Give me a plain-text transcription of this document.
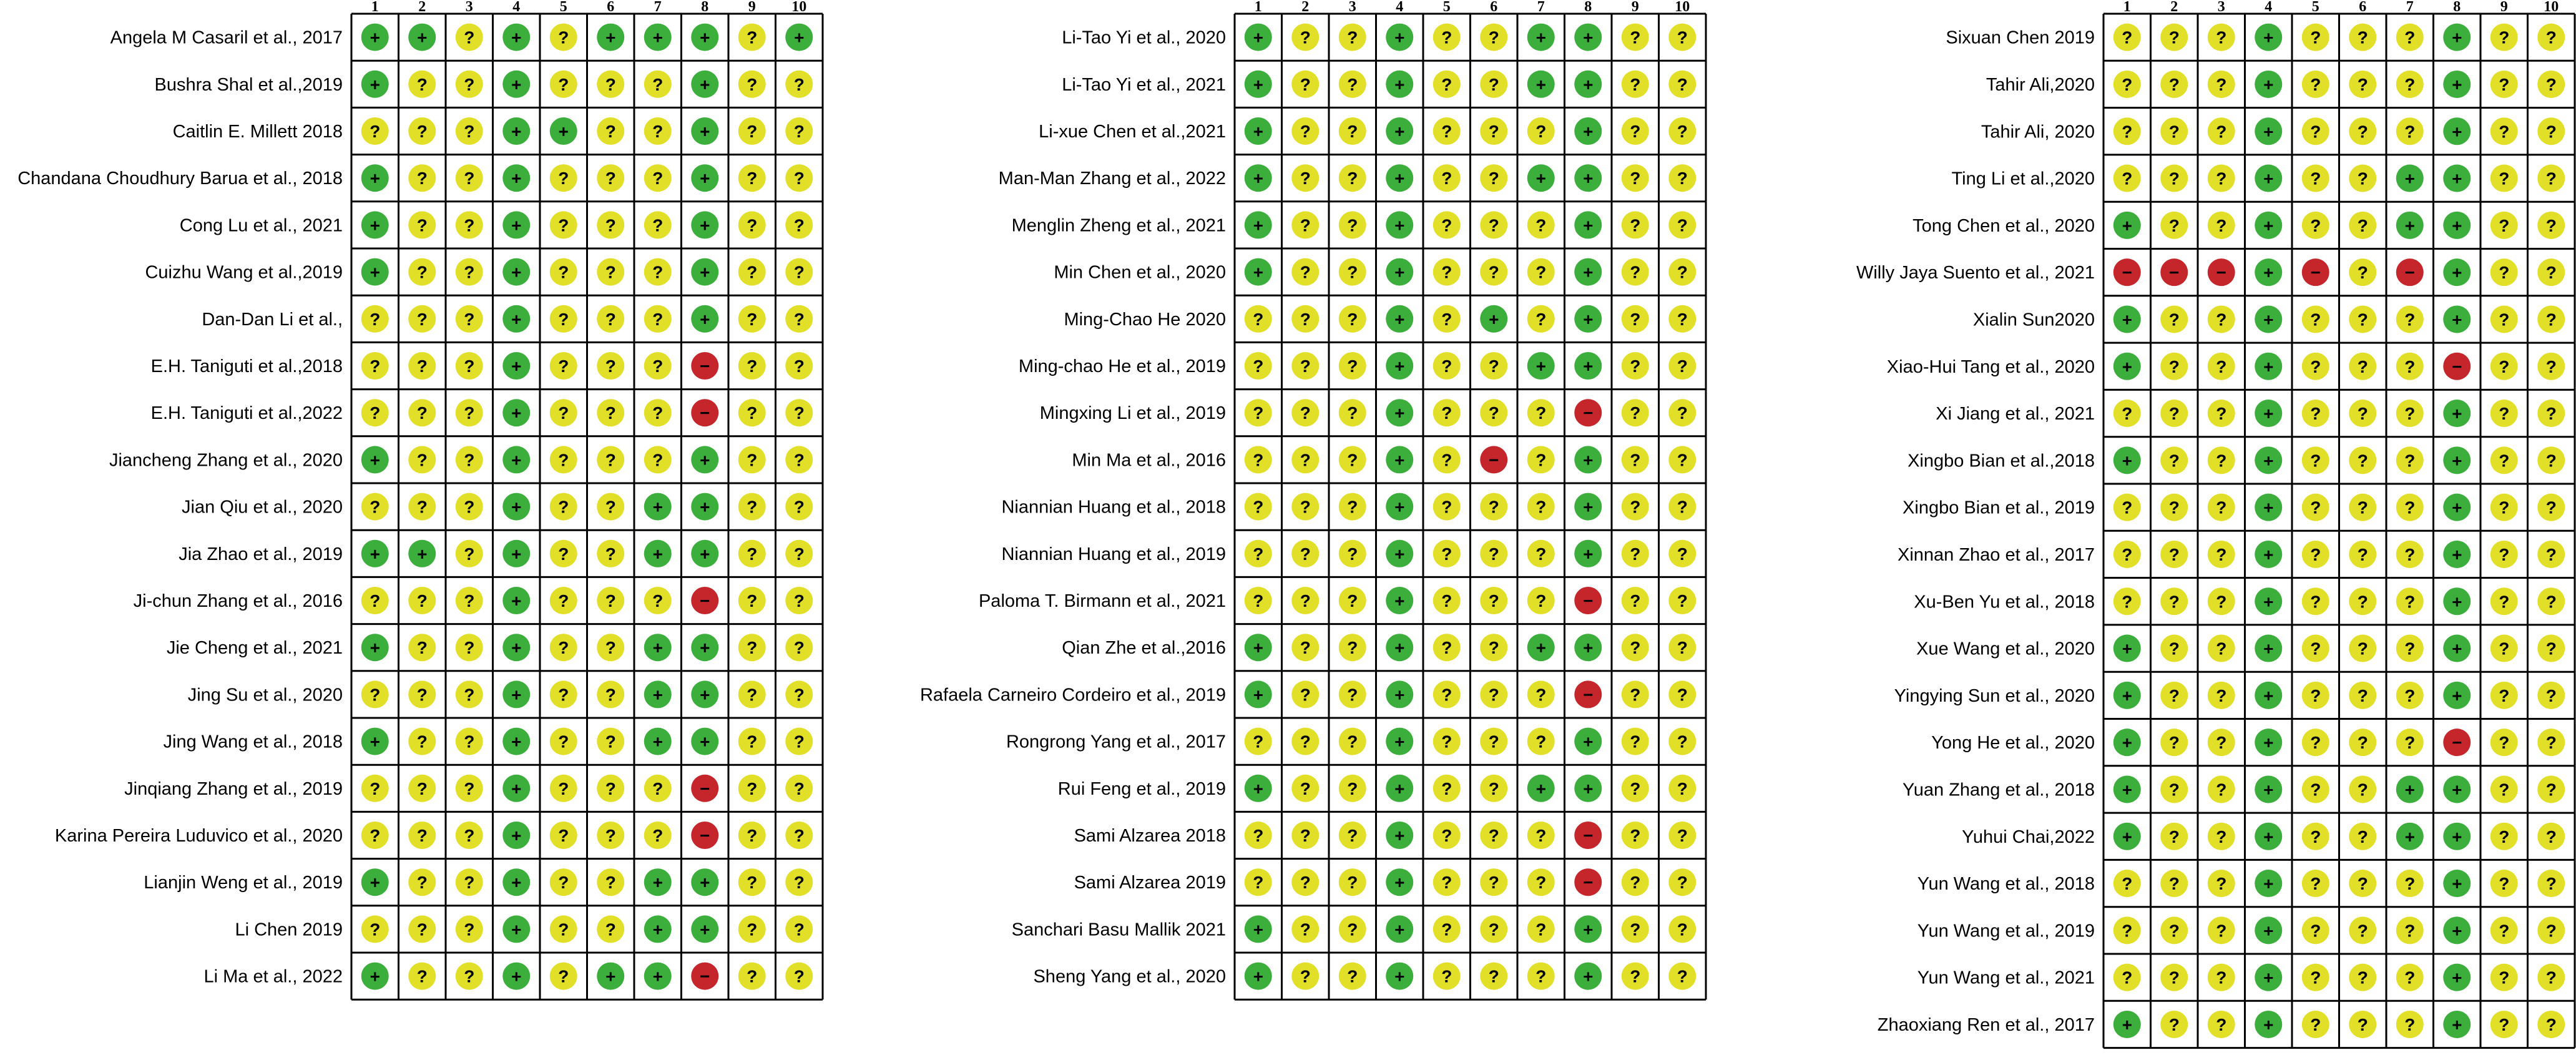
1	2	3	4	5	6	7	8	9 10
Angela M Casaril et al., 2017 + + ? + ? + + + ? +
Bushra Shal et al.,2019 + ? ? + ? ? ? + ? ?
Caitlin E. Millett 2018 ? ? ? + + ? ? + ? ?
Chandana Choudhury Barua et al., 2018 + ? ? + ? ? ? + ? ?
Cong Lu et al., 2021 + ? ? + ? ? ? + ? ?
Cuizhu Wang et al.,2019 + ? ? + ? ? ? + ? ?
Dan-Dan Li et al., ? ? ? + ? ? ? + ? ?
E.H. Taniguti et al.,2018 ? ? ? + ? ? ? − ? ?
E.H. Taniguti et al.,2022 ? ? ? + ? ? ? − ? ?
Jiancheng Zhang et al., 2020 + ? ? + ? ? ? + ? ?
Jian Qiu et al., 2020 ? ? ? + ? ? + + ? ?
Jia Zhao et al., 2019 + + ? + ? ? + + ? ?
Ji-chun Zhang et al., 2016 ? ? ? + ? ? ? − ? ?
Jie Cheng et al., 2021 + ? ? + ? ? + + ? ?
Jing Su et al., 2020 ? ? ? + ? ? + + ? ?
Jing Wang et al., 2018 + ? ? + ? ? + + ? ?
Jinqiang Zhang et al., 2019 ? ? ? + ? ? ? − ? ?
Karina Pereira Luduvico et al., 2020 ? ? ? + ? ? ? − ? ?
Lianjin Weng et al., 2019 + ? ? + ? ? + + ? ?
Li Chen 2019 ? ? ? + ? ? + + ? ?
Li Ma et al., 2022 + ? ? + ? + + − ? ?
1	2	3	4	5	6	7	8	9 10
Li-Tao Yi et al., 2020 + ? ? + ? ? + + ? ?
Li-Tao Yi et al., 2021 + ? ? + ? ? + + ? ?
Li-xue Chen et al.,2021 + ? ? + ? ? ? + ? ?
Man-Man Zhang et al., 2022 + ? ? + ? ? + + ? ?
Menglin Zheng et al., 2021 + ? ? + ? ? ? + ? ?
Min Chen et al., 2020 + ? ? + ? ? ? + ? ?
Ming-Chao He 2020 ? ? ? + ? + ? + ? ?
Ming-chao He et al., 2019 ? ? ? + ? ? + + ? ?
Mingxing Li et al., 2019 ? ? ? + ? ? ? − ? ?
Min Ma et al., 2016 ? ? ? + ? − ? + ? ?
Niannian Huang et al., 2018 ? ? ? + ? ? ? + ? ?
Niannian Huang et al., 2019 ? ? ? + ? ? ? + ? ?
Paloma T. Birmann et al., 2021 ? ? ? + ? ? ? − ? ?
Qian Zhe et al.,2016 + ? ? + ? ? + + ? ?
Rafaela Carneiro Cordeiro et al., 2019 + ? ? + ? ? ? − ? ?
Rongrong Yang et al., 2017 ? ? ? + ? ? ? + ? ?
Rui Feng et al., 2019 + ? ? + ? ? + + ? ?
Sami Alzarea 2018 ? ? ? + ? ? ? − ? ?
Sami Alzarea 2019 ? ? ? + ? ? ? − ? ?
Sanchari Basu Mallik 2021 + ? ? + ? ? ? + ? ?
Sheng Yang et al., 2020 + ? ? + ? ? ? + ? ?
1	2	3	4	5	6	7	8	9 10
Sixuan Chen 2019 ? ? ? + ? ? ? + ? ?
Tahir Ali,2020 ? ? ? + ? ? ? + ? ?
Tahir Ali, 2020 ? ? ? + ? ? ? + ? ?
Ting Li et al.,2020 ? ? ? + ? ? + + ? ?
Tong Chen et al., 2020 + ? ? + ? ? + + ? ?
Willy Jaya Suento et al., 2021 − − − + − ? − + ? ?
Xialin Sun2020 + ? ? + ? ? ? + ? ?
Xiao-Hui Tang et al., 2020 + ? ? + ? ? ? − ? ?
Xi Jiang et al., 2021 ? ? ? + ? ? ? + ? ?
Xingbo Bian et al.,2018 + ? ? + ? ? ? + ? ?
Xingbo Bian et al., 2019 ? ? ? + ? ? ? + ? ?
Xinnan Zhao et al., 2017 ? ? ? + ? ? ? + ? ?
Xu-Ben Yu et al., 2018 ? ? ? + ? ? ? + ? ?
Xue Wang et al., 2020 + ? ? + ? ? ? + ? ?
Yingying Sun et al., 2020 + ? ? + ? ? ? + ? ?
Yong He et al., 2020 + ? ? + ? ? ? − ? ?
Yuan Zhang et al., 2018 + ? ? + ? ? + + ? ?
Yuhui Chai,2022 + ? ? + ? ? + + ? ?
Yun Wang et al., 2018 ? ? ? + ? ? ? + ? ?
Yun Wang et al., 2019 ? ? ? + ? ? ? + ? ?
Yun Wang et al., 2021 ? ? ? + ? ? ? + ? ?
Zhaoxiang Ren et al., 2017 + ? ? + ? ? ? + ? ?
